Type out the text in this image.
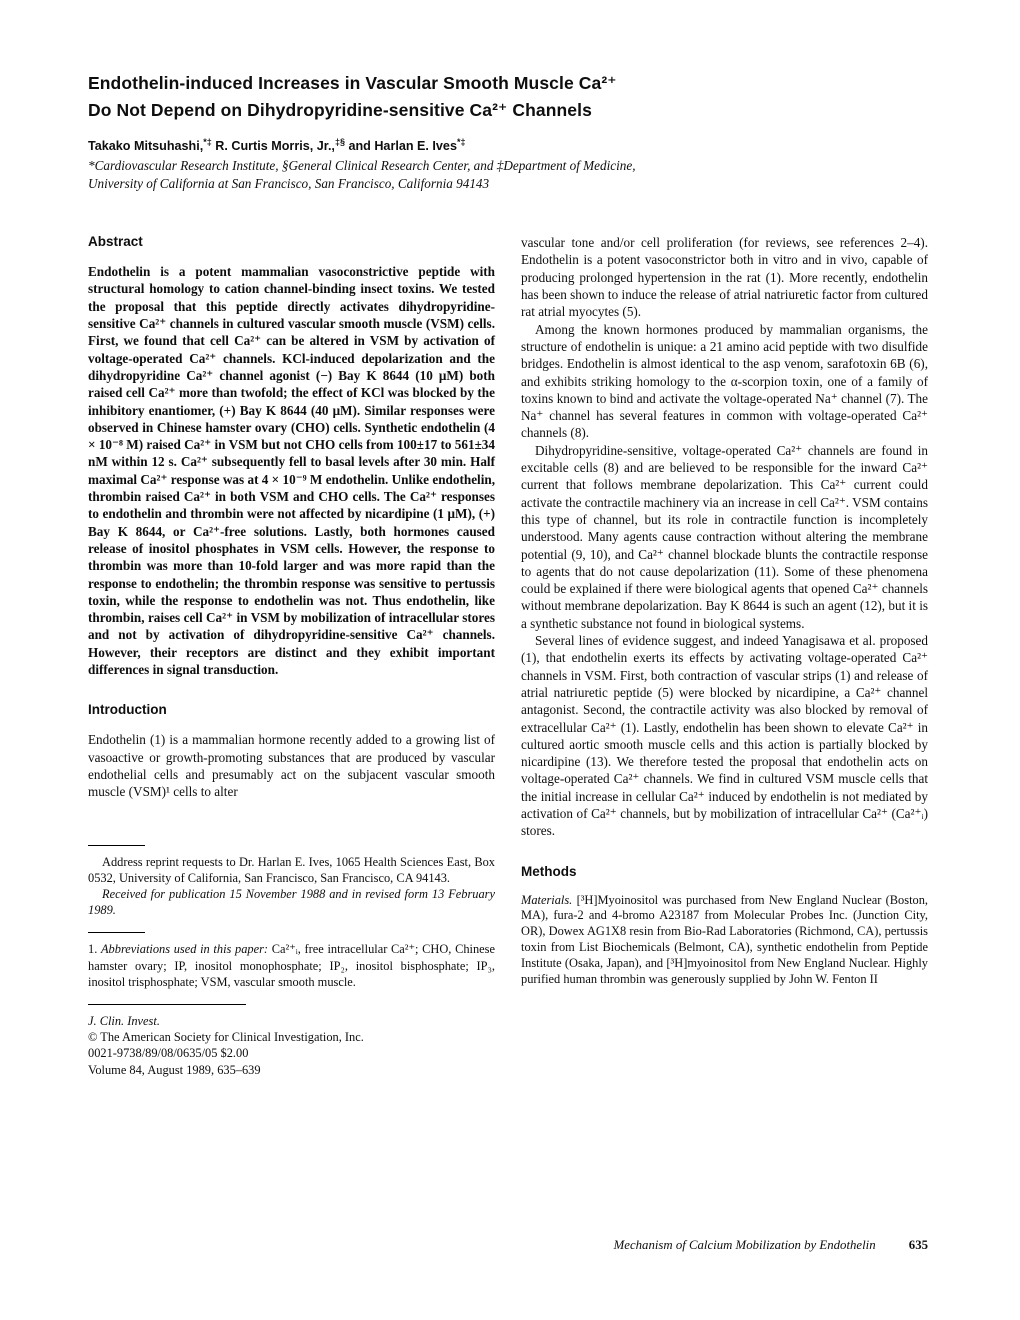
Endothelin-induced Increases in Vascular Smooth Muscle Ca²⁺
Do Not Depend on Dihydropyridine-sensitive Ca²⁺ Channels
Takako Mitsuhashi,*‡ R. Curtis Morris, Jr.,‡§ and Harlan E. Ives*‡
*Cardiovascular Research Institute, §General Clinical Research Center, and ‡Department of Medicine,
University of California at San Francisco, San Francisco, California 94143
Abstract

Endothelin is a potent mammalian vasoconstrictive peptide with structural homology to cation channel-binding insect toxins. We tested the proposal that this peptide directly activates dihydropyridine-sensitive Ca²⁺ channels in cultured vascular smooth muscle (VSM) cells. First, we found that cell Ca²⁺ can be altered in VSM by activation of voltage-operated Ca²⁺ channels. KCl-induced depolarization and the dihydropyridine Ca²⁺ channel agonist (−) Bay K 8644 (10 μM) both raised cell Ca²⁺ more than twofold; the effect of KCl was blocked by the inhibitory enantiomer, (+) Bay K 8644 (40 μM). Similar responses were observed in Chinese hamster ovary (CHO) cells. Synthetic endothelin (4 × 10⁻⁸ M) raised Ca²⁺ in VSM but not CHO cells from 100±17 to 561±34 nM within 12 s. Ca²⁺ subsequently fell to basal levels after 30 min. Half maximal Ca²⁺ response was at 4 × 10⁻⁹ M endothelin. Unlike endothelin, thrombin raised Ca²⁺ in both VSM and CHO cells. The Ca²⁺ responses to endothelin and thrombin were not affected by nicardipine (1 μM), (+) Bay K 8644, or Ca²⁺-free solutions. Lastly, both hormones caused release of inositol phosphates in VSM cells. However, the response to thrombin was more than 10-fold larger and was more rapid than the response to endothelin; the thrombin response was sensitive to pertussis toxin, while the response to endothelin was not. Thus endothelin, like thrombin, raises cell Ca²⁺ in VSM by mobilization of intracellular stores and not by activation of dihydropyridine-sensitive Ca²⁺ channels. However, their receptors are distinct and they exhibit important differences in signal transduction.

Introduction

Endothelin (1) is a mammalian hormone recently added to a growing list of vasoactive or growth-promoting substances that are produced by vascular endothelial cells and presumably act on the subjacent vascular smooth muscle (VSM)¹ cells to alter

Address reprint requests to Dr. Harlan E. Ives, 1065 Health Sciences East, Box 0532, University of California, San Francisco, San Francisco, CA 94143.

Received for publication 15 November 1988 and in revised form 13 February 1989.

1. Abbreviations used in this paper: Ca²⁺ᵢ, free intracellular Ca²⁺; CHO, Chinese hamster ovary; IP, inositol monophosphate; IP₂, inositol bisphosphate; IP₃, inositol trisphosphate; VSM, vascular smooth muscle.

J. Clin. Invest.

© The American Society for Clinical Investigation, Inc.

0021-9738/89/08/0635/05 $2.00

Volume 84, August 1989, 635–639

vascular tone and/or cell proliferation (for reviews, see references 2–4). Endothelin is a potent vasoconstrictor both in vitro and in vivo, capable of producing prolonged hypertension in the rat (1). More recently, endothelin has been shown to induce the release of atrial natriuretic factor from cultured rat atrial myocytes (5).

Among the known hormones produced by mammalian organisms, the structure of endothelin is unique: a 21 amino acid peptide with two disulfide bridges. Endothelin is almost identical to the asp venom, sarafotoxin 6B (6), and exhibits striking homology to the α-scorpion toxin, one of a family of toxins known to bind and activate the voltage-operated Na⁺ channel (7). The Na⁺ channel has several features in common with voltage-operated Ca²⁺ channels (8).

Dihydropyridine-sensitive, voltage-operated Ca²⁺ channels are found in excitable cells (8) and are believed to be responsible for the inward Ca²⁺ current that follows membrane depolarization. This Ca²⁺ current could activate the contractile machinery via an increase in cell Ca²⁺. VSM contains this type of channel, but its role in contractile function is incompletely understood. Many agents cause contraction without altering the membrane potential (9, 10), and Ca²⁺ channel blockade blunts the contractile response to agents that do not cause depolarization (11). Some of these phenomena could be explained if there were biological agents that opened Ca²⁺ channels without membrane depolarization. Bay K 8644 is such an agent (12), but it is a synthetic substance not found in biological systems.

Several lines of evidence suggest, and indeed Yanagisawa et al. proposed (1), that endothelin exerts its effects by activating voltage-operated Ca²⁺ channels in VSM. First, both contraction of vascular strips (1) and release of atrial natriuretic peptide (5) were blocked by nicardipine, a Ca²⁺ channel antagonist. Second, the contractile activity was also blocked by removal of extracellular Ca²⁺ (1). Lastly, endothelin has been shown to elevate Ca²⁺ in cultured aortic smooth muscle cells and this action is partially blocked by nicardipine (13). We therefore tested the proposal that endothelin acts on voltage-operated Ca²⁺ channels. We find in cultured VSM muscle cells that the initial increase in cellular Ca²⁺ induced by endothelin is not mediated by activation of Ca²⁺ channels, but by mobilization of intracellular Ca²⁺ (Ca²⁺ᵢ) stores.

Methods

Materials. [³H]Myoinositol was purchased from New England Nuclear (Boston, MA), fura-2 and 4-bromo A23187 from Molecular Probes Inc. (Junction City, OR), Dowex AG1X8 resin from Bio-Rad Laboratories (Richmond, CA), pertussis toxin from List Biochemicals (Belmont, CA), synthetic endothelin from Peptide Institute (Osaka, Japan), and [³H]myoinositol from New England Nuclear. Highly purified human thrombin was generously supplied by John W. Fenton II

Mechanism of Calcium Mobilization by Endothelin	635
